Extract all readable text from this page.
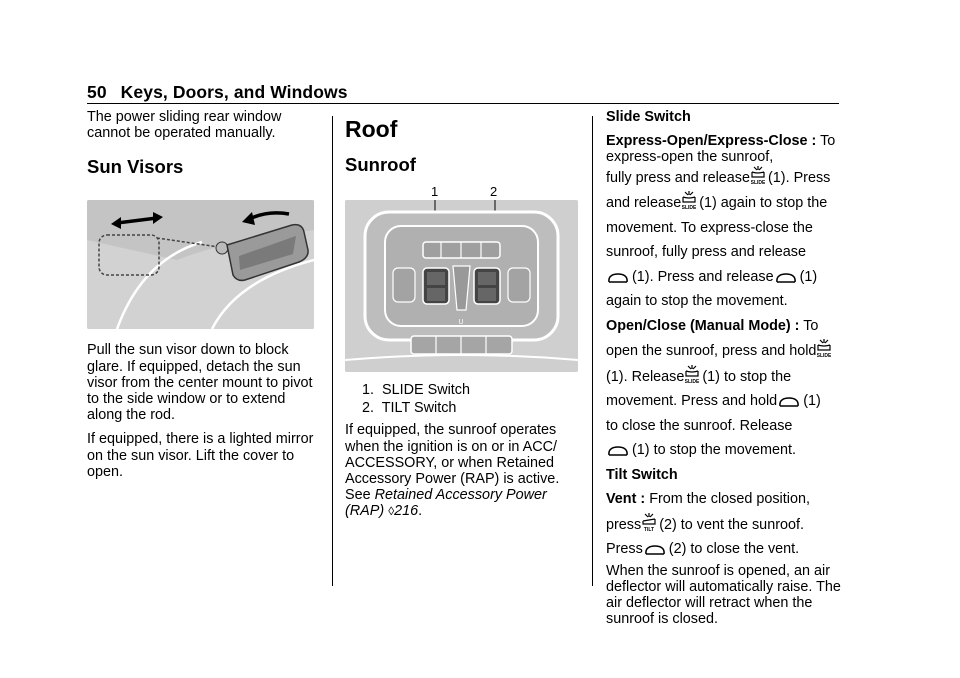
50 Keys, Doors, and Windows

The power sliding rear window cannot be operated manually.

Sun Visors

Pull the sun visor down to block glare. If equipped, detach the sun visor from the center mount to pivot to the side window or to extend along the rod.

If equipped, there is a lighted mirror on the sun visor. Lift the cover to open.

Roof
Sunroof
1	2
U
1. SLIDE Switch
2. TILT Switch

If equipped, the sunroof operates when the ignition is on or in ACC/ ACCESSORY, or when Retained Accessory Power (RAP) is active. See Retained Accessory Power (RAP) ◊216.

Slide Switch

Express-Open/Express-Close : To express-open the sunroof,

fully press and release (1). Press

and release (1) again to stop the

movement. To express-close the

sunroof, fully press and release

(1). Press and release (1)

again to stop the movement.

Open/Close (Manual Mode) : To

open the sunroof, press and hold

(1). Release (1) to stop the

movement. Press and hold (1)

to close the sunroof. Release

(1) to stop the movement.

Tilt Switch

Vent : From the closed position,

press (2) to vent the sunroof.

Press (2) to close the vent.

When the sunroof is opened, an air deflector will automatically raise. The air deflector will retract when the sunroof is closed.
